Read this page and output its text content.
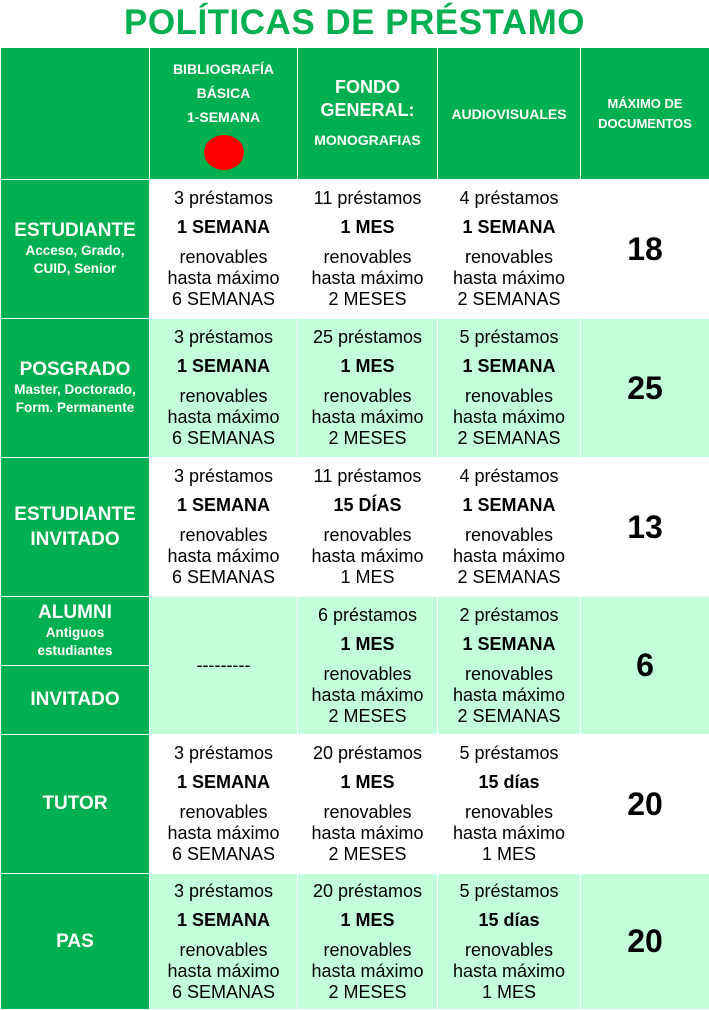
POLÍTICAS DE PRÉSTAMO

	BIBLIOGRAFÍA
BÁSICA
1-SEMANA	FONDO
GENERAL:
MONOGRAFIAS	AUDIOVISUALES	MÁXIMO DE
DOCUMENTOS

ESTUDIANTE
Acceso, Grado,
CUID, Senior	3 préstamos
1 SEMANA
renovables
hasta máximo
6 SEMANAS	11 préstamos
1 MES
renovables
hasta máximo
2 MESES	4 préstamos
1 SEMANA
renovables
hasta máximo
2 SEMANAS	18

POSGRADO
Master, Doctorado,
Form. Permanente	3 préstamos
1 SEMANA
renovables
hasta máximo
6 SEMANAS	25 préstamos
1 MES
renovables
hasta máximo
2 MESES	5 préstamos
1 SEMANA
renovables
hasta máximo
2 SEMANAS	25

ESTUDIANTE
INVITADO	3 préstamos
1 SEMANA
renovables
hasta máximo
6 SEMANAS	11 préstamos
15 DÍAS
renovables
hasta máximo
1 MES	4 préstamos
1 SEMANA
renovables
hasta máximo
2 SEMANAS	13

ALUMNI
Antiguos
estudiantes	---------	6 préstamos
1 MES
renovables
hasta máximo
2 MESES	2 préstamos
1 SEMANA
renovables
hasta máximo
2 SEMANAS	6

INVITADO				

TUTOR	3 préstamos
1 SEMANA
renovables
hasta máximo
6 SEMANAS	20 préstamos
1 MES
renovables
hasta máximo
2 MESES	5 préstamos
15 días
renovables
hasta máximo
1 MES	20

PAS	3 préstamos
1 SEMANA
renovables
hasta máximo
6 SEMANAS	20 préstamos
1 MES
renovables
hasta máximo
2 MESES	5 préstamos
15 días
renovables
hasta máximo
1 MES	20
